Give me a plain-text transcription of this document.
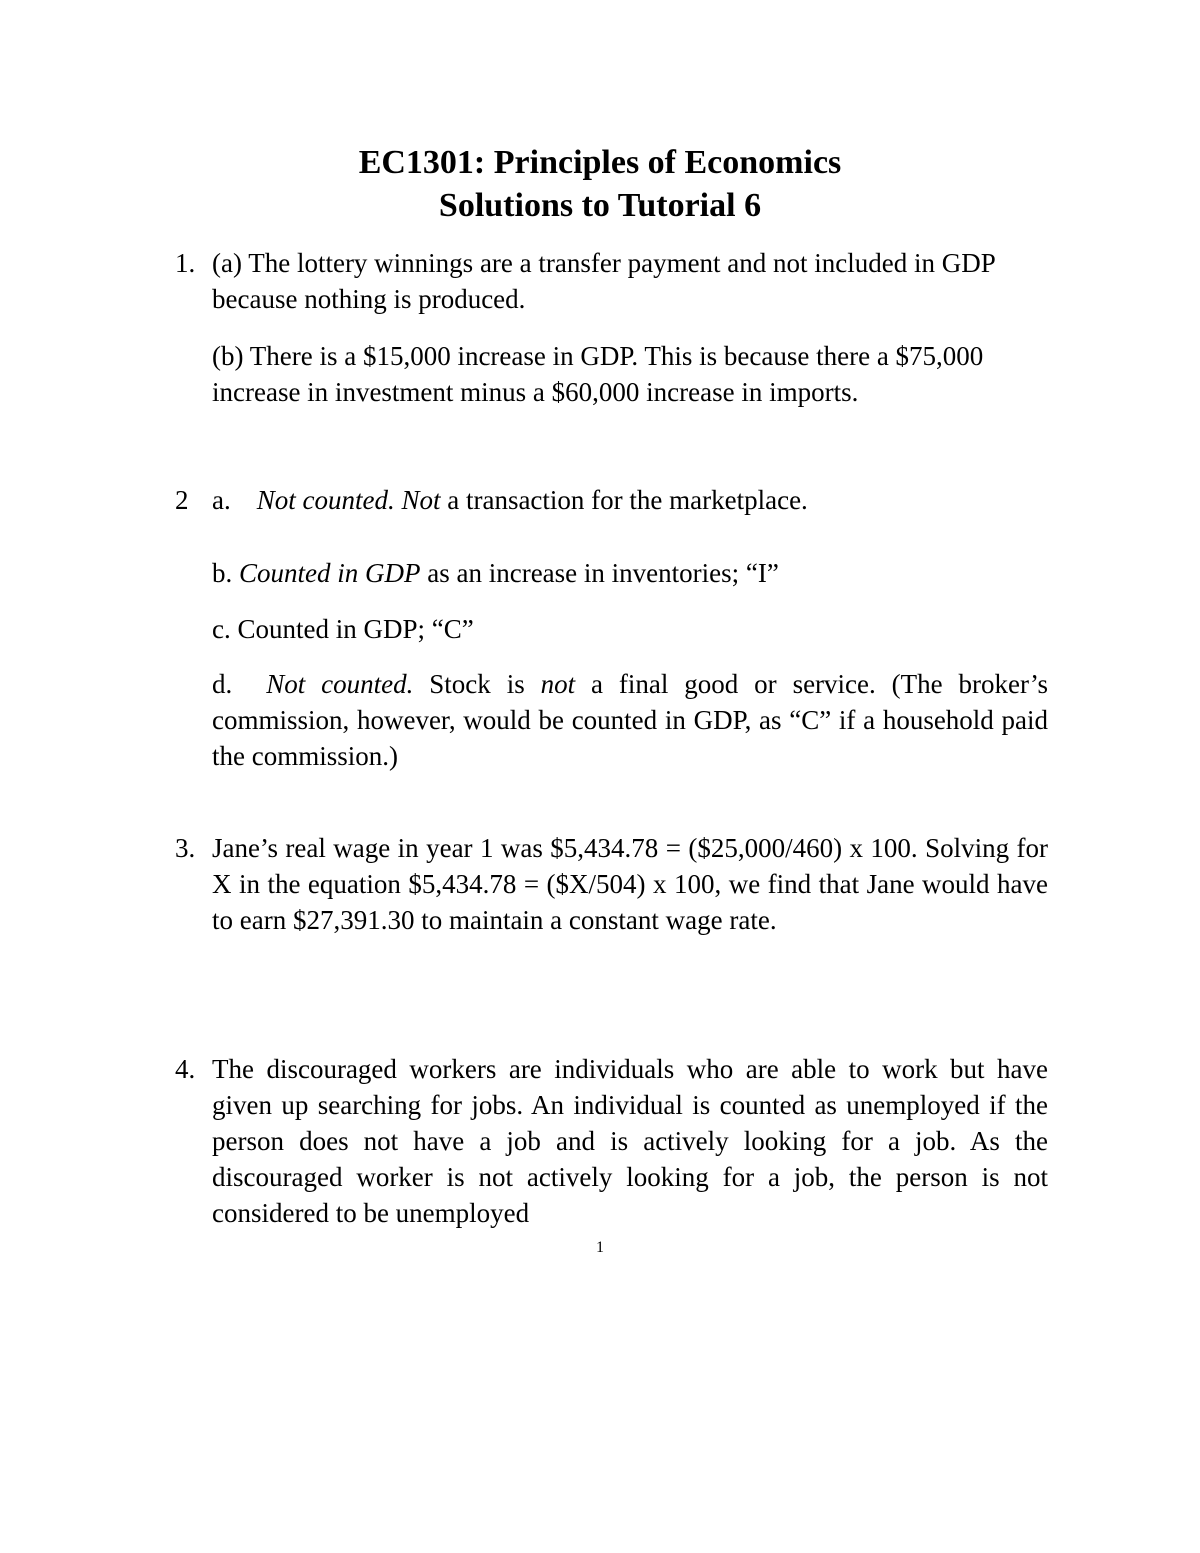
EC1301: Principles of Economics
Solutions to Tutorial 6
1. (a) The lottery winnings are a transfer payment and not included in GDP because nothing is produced.
(b) There is a $15,000 increase in GDP. This is because there a $75,000 increase in investment minus a $60,000 increase in imports.
2 a. Not counted. Not a transaction for the marketplace.
b. Counted in GDP as an increase in inventories; “I”
c. Counted in GDP; “C”
d. Not counted. Stock is not a final good or service. (The broker’s commission, however, would be counted in GDP, as “C” if a household paid the commission.)
3. Jane’s real wage in year 1 was $5,434.78 = ($25,000/460) x 100. Solving for X in the equation $5,434.78 = ($X/504) x 100, we find that Jane would have to earn $27,391.30 to maintain a constant wage rate.
4. The discouraged workers are individuals who are able to work but have given up searching for jobs. An individual is counted as unemployed if the person does not have a job and is actively looking for a job. As the discouraged worker is not actively looking for a job, the person is not considered to be unemployed
1
